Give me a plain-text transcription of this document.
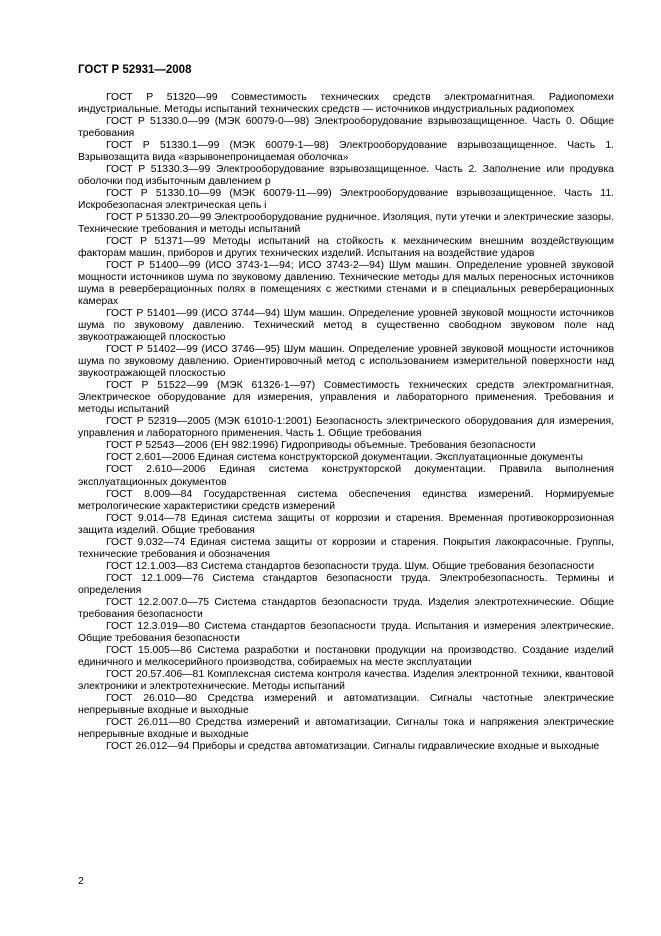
ГОСТ Р 52931—2008

ГОСТ Р 51320—99 Совместимость технических средств электромагнитная. Радиопомехи индустриальные. Методы испытаний технических средств — источников индустриальных радиопомех

ГОСТ Р 51330.0—99 (МЭК 60079-0—98) Электрооборудование взрывозащищенное. Часть 0. Общие требования

ГОСТ Р 51330.1—99 (МЭК 60079-1—98) Электрооборудование взрывозащищенное. Часть 1. Взрывозащита вида «взрывонепроницаемая оболочка»

ГОСТ Р 51330.3—99 Электрооборудование взрывозащищенное. Часть 2. Заполнение или продувка оболочки под избыточным давлением p

ГОСТ Р 51330.10—99 (МЭК 60079-11—99) Электрооборудование взрывозащищенное. Часть 11. Искробезопасная электрическая цепь i

ГОСТ Р 51330.20—99 Электрооборудование рудничное. Изоляция, пути утечки и электрические зазоры. Технические требования и методы испытаний

ГОСТ Р 51371—99 Методы испытаний на стойкость к механическим внешним воздействующим факторам машин, приборов и других технических изделий. Испытания на воздействие ударов

ГОСТ Р 51400—99 (ИСО 3743-1—94; ИСО 3743-2—94) Шум машин. Определение уровней звуковой мощности источников шума по звуковому давлению. Технические методы для малых переносных источников шума в реверберационных полях в помещениях с жесткими стенами и в специальных реверберационных камерах

ГОСТ Р 51401—99 (ИСО 3744—94) Шум машин. Определение уровней звуковой мощности источников шума по звуковому давлению. Технический метод в существенно свободном звуковом поле над звукоотражающей плоскостью

ГОСТ Р 51402—99 (ИСО 3746—95) Шум машин. Определение уровней звуковой мощности источников шума по звуковому давлению. Ориентировочный метод с использованием измерительной поверхности над звукоотражающей плоскостью

ГОСТ Р 51522—99 (МЭК 61326-1—97) Совместимость технических средств электромагнитная. Электрическое оборудование для измерения, управления и лабораторного применения. Требования и методы испытаний

ГОСТ Р 52319—2005 (МЭК 61010-1:2001) Безопасность электрического оборудования для измерения, управления и лабораторного применения. Часть 1. Общие требования

ГОСТ Р 52543—2006 (ЕН 982:1996) Гидроприводы объемные. Требования безопасности

ГОСТ 2.601—2006 Единая система конструкторской документации. Эксплуатационные документы

ГОСТ 2.610—2006 Единая система конструкторской документации. Правила выполнения эксплуатационных документов

ГОСТ 8.009—84 Государственная система обеспечения единства измерений. Нормируемые метрологические характеристики средств измерений

ГОСТ 9.014—78 Единая система защиты от коррозии и старения. Временная противокоррозионная защита изделий. Общие требования

ГОСТ 9.032—74 Единая система защиты от коррозии и старения. Покрытия лакокрасочные. Группы, технические требования и обозначения

ГОСТ 12.1.003—83 Система стандартов безопасности труда. Шум. Общие требования безопасности

ГОСТ 12.1.009—76 Система стандартов безопасности труда. Электробезопасность. Термины и определения

ГОСТ 12.2.007.0—75 Система стандартов безопасности труда. Изделия электротехнические. Общие требования безопасности

ГОСТ 12.3.019—80 Система стандартов безопасности труда. Испытания и измерения электрические. Общие требования безопасности

ГОСТ 15.005—86 Система разработки и постановки продукции на производство. Создание изделий единичного и мелкосерийного производства, собираемых на месте эксплуатации

ГОСТ 20.57.406—81 Комплексная система контроля качества. Изделия электронной техники, квантовой электроники и электротехнические. Методы испытаний

ГОСТ 26.010—80 Средства измерений и автоматизации. Сигналы частотные электрические непрерывные входные и выходные

ГОСТ 26.011—80 Средства измерений и автоматизации. Сигналы тока и напряжения электрические непрерывные входные и выходные

ГОСТ 26.012—94 Приборы и средства автоматизации. Сигналы гидравлические входные и выходные

2
